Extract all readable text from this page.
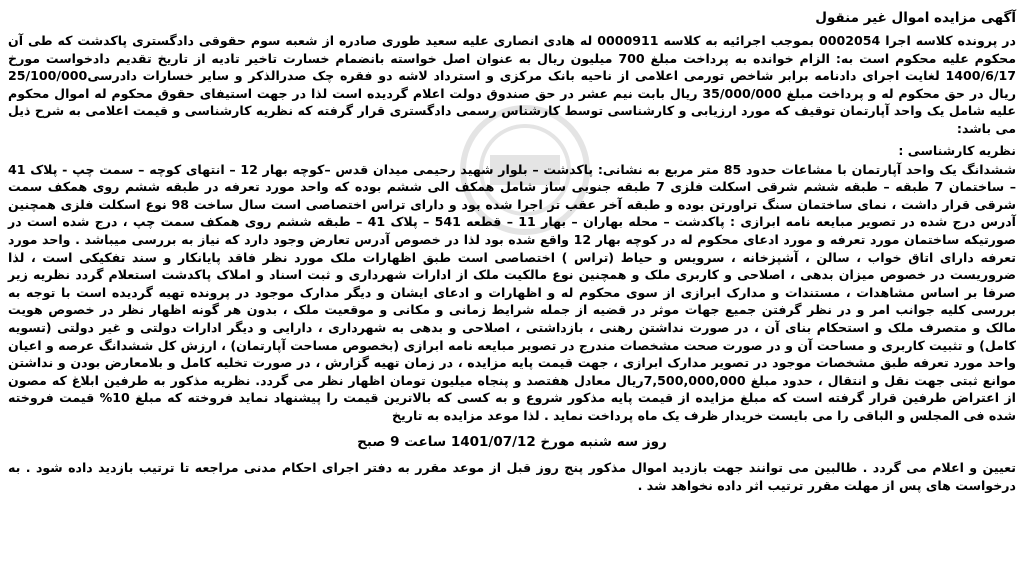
آگهی مزایده اموال غیر منقول

در پرونده کلاسه اجرا 0002054 بموجب اجرائیه به کلاسه 0000911 له هادی انصاری علیه سعید طوری صادره از شعبه سوم حقوقی دادگستری پاکدشت که طی آن محکوم علیه محکوم است به: الزام خوانده به پرداخت مبلغ 700 میلیون ریال به عنوان اصل خواسته بانضمام خسارت تاخیر تادیه از تاریخ تقدیم دادخواست مورخ 1400/6/17 لغایت اجرای دادنامه برابر شاخص تورمی اعلامی از ناحیه بانک مرکزی و استرداد لاشه دو فقره چک صدرالذکر و سایر خسارات دادرسی25/100/000 ریال در حق محکوم له و پرداخت مبلغ 35/000/000 ریال بابت نیم عشر در حق صندوق دولت اعلام گردیده است لذا در جهت استیفای حقوق محکوم له اموال محکوم علیه شامل یک واحد آپارتمان توقیف که مورد ارزیابی و کارشناسی توسط کارشناس رسمی دادگستری قرار گرفته که نظریه کارشناسی و قیمت اعلامی به شرح ذیل می باشد:

نظریه کارشناسی :

ششدانگ یک واحد آپارتمان با مشاعات حدود 85 متر مربع به نشانی: پاکدشت – بلوار شهید رحیمی میدان قدس –کوچه بهار 12 – انتهای کوچه – سمت چپ - پلاک 41 – ساختمان 7 طبقه – طبقه ششم شرقی اسکلت فلزی 7 طبقه جنوبی ساز شامل همکف الی ششم بوده که واحد مورد تعرفه در طبقه ششم روی همکف سمت شرقی قرار داشت ، نمای ساختمان سنگ تراورتن بوده و طبقه آخر عقب تر اجرا شده بود و دارای تراس اختصاصی است سال ساخت 98 نوع اسکلت فلزی همچنین آدرس درج شده در تصویر مبایعه نامه ابرازی : پاکدشت – محله بهاران – بهار 11 – قطعه 541 – پلاک 41 – طبقه ششم روی همکف سمت چپ ، درج شده است در صورتیکه ساختمان مورد تعرفه و مورد ادعای محکوم له در کوچه بهار 12 واقع شده بود لذا در خصوص آدرس تعارض وجود دارد که نیاز به بررسی میباشد . واحد مورد تعرفه دارای اتاق خواب ، سالن ، آشپزخانه ، سرویس و حیاط (تراس ) اختصاصی است طبق اظهارات ملک مورد نظر فاقد پایانکار و سند تفکیکی است ، لذا ضروریست در خصوص میزان بدهی ، اصلاحی و کاربری ملک و همچنین نوع مالکیت ملک از ادارات شهرداری و ثبت اسناد و املاک پاکدشت استعلام گردد نظریه زیر صرفا بر اساس مشاهدات ، مستندات و مدارک ابرازی از سوی محکوم له و اظهارات و ادعای ایشان و دیگر مدارک موجود در پرونده تهیه گردیده است با توجه به بررسی کلیه جوانب امر و در نظر گرفتن جمیع جهات موثر در قضیه از جمله شرایط زمانی و مکانی و موقعیت ملک ، بدون هر گونه اظهار نظر در خصوص هویت مالک و متصرف ملک و استحکام بنای آن ، در صورت نداشتن رهنی ، بازداشتی ، اصلاحی و بدهی به شهرداری ، دارایی و دیگر ادارات دولتی و غیر دولتی (تسویه کامل) و تثبیت کاربری و مساحت آن و در صورت صحت مشخصات مندرج در تصویر مبایعه نامه ابرازی (بخصوص مساحت آپارتمان) ، ارزش کل ششدانگ عرصه و اعیان واحد مورد تعرفه طبق مشخصات موجود در تصویر مدارک ابرازی ، جهت قیمت پایه مزایده ، در زمان تهیه گزارش ، در صورت تخلیه کامل و بلامعارض بودن و نداشتن موانع ثبتی جهت نقل و انتقال ، حدود مبلغ 7,500,000,000ریال معادل هفتصد و پنجاه میلیون تومان اظهار نظر می گردد. نظریه مذکور به طرفین ابلاغ که مصون از اعتراض طرفین قرار گرفته است که مبلغ مزایده از قیمت پایه مذکور شروع و به کسی که بالاترین قیمت را پیشنهاد نماید فروخته که مبلغ 10% قیمت فروخته شده فی المجلس و الباقی را می بایست خریدار ظرف یک ماه پرداخت نماید . لذا موعد مزایده به تاریخ

روز سه شنبه مورخ 1401/07/12 ساعت 9 صبح

تعیین و اعلام می گردد . طالبین می توانند جهت بازدید اموال مذکور پنج روز قبل از موعد مقرر به دفتر اجرای احکام مدنی مراجعه تا ترتیب بازدید داده شود . به درخواست های پس از مهلت مقرر ترتیب اثر داده نخواهد شد .
